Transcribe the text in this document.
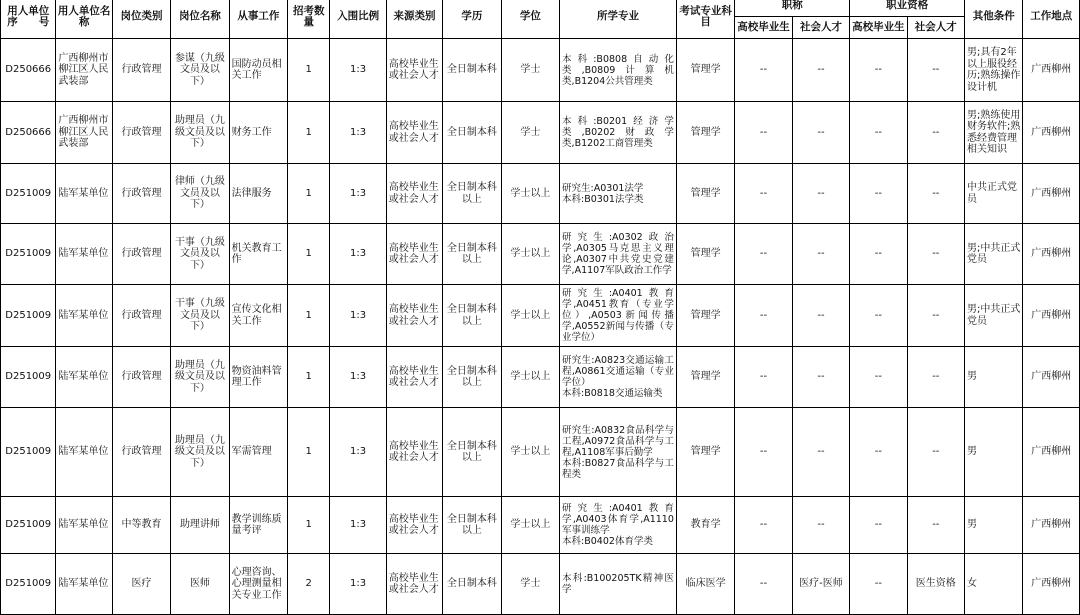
用人单位序　　号	用人单位名　　称	岗位类别	岗位名称	从事工作	招考数量	入围比例	来源类别	学历	学位	所学专业	考试专业科目	职称		职业资格		其他条件	工作地点
												高校毕业生	社会人才	高校毕业生	社会人才		
D250666	广西柳州市柳江区人民武装部	行政管理	参谋（九级文员及以下）	国防动员相关工作	1	1:3	高校毕业生或社会人才	全日制本科	学士	本科:B0808自动化类,B0809计算机类,B1204公共管理类	管理学	--	--	--	--	男;具有2年以上服役经历;熟练操作设计机	广西柳州
D250666	广西柳州市柳江区人民武装部	行政管理	助理员（九级文员及以下）	财务工作	1	1:3	高校毕业生或社会人才	全日制本科	学士	本科:B0201经济学类,B0202财政学类,B1202工商管理类	管理学	--	--	--	--	男;熟练使用财务软件;熟悉经费管理相关知识	广西柳州
D251009	陆军某单位	行政管理	律师（九级文员及以下）	法律服务	1	1:3	高校毕业生或社会人才	全日制本科以上	学士以上	研究生:A0301法学
本科:B0301法学类	管理学	--	--	--	--	中共正式党员	广西柳州
D251009	陆军某单位	行政管理	干事（九级文员及以下）	机关教育工作	1	1:3	高校毕业生或社会人才	全日制本科以上	学士以上	研究生:A0302政治学,A0305马克思主义理论,A0307中共党史党建学,A1107军队政治工作学	管理学	--	--	--	--	男;中共正式党员	广西柳州
D251009	陆军某单位	行政管理	干事（九级文员及以下）	宣传文化相关工作	1	1:3	高校毕业生或社会人才	全日制本科以上	学士以上	研究生:A0401教育学,A0451教育（专业学位）,A0503新闻传播学,A0552新闻与传播（专业学位）	管理学	--	--	--	--	男;中共正式党员	广西柳州
D251009	陆军某单位	行政管理	助理员（九级文员及以下）	物资油料管理工作	1	1:3	高校毕业生或社会人才	全日制本科以上	学士以上	研究生:A0823交通运输工程,A0861交通运输（专业学位）
本科:B0818交通运输类	管理学	--	--	--	--	男	广西柳州
D251009	陆军某单位	行政管理	助理员（九级文员及以下）	军需管理	1	1:3	高校毕业生或社会人才	全日制本科以上	学士以上	研究生:A0832食品科学与工程,A0972食品科学与工程,A1108军事后勤学
本科:B0827食品科学与工程类	管理学	--	--	--	--	男	广西柳州
D251009	陆军某单位	中等教育	助理讲师	教学训练质量考评	1	1:3	高校毕业生或社会人才	全日制本科以上	学士以上	研究生:A0401教育学,A0403体育学,A1110军事训练学
本科:B0402体育学类	教育学	--	--	--	--	男	广西柳州
D251009	陆军某单位	医疗	医师	心理咨询、心理测量相关专业工作	2	1:3	高校毕业生或社会人才	全日制本科	学士	本科:B100205TK精神医学	临床医学	--	医疗-医师	--	医生资格	女	广西柳州
